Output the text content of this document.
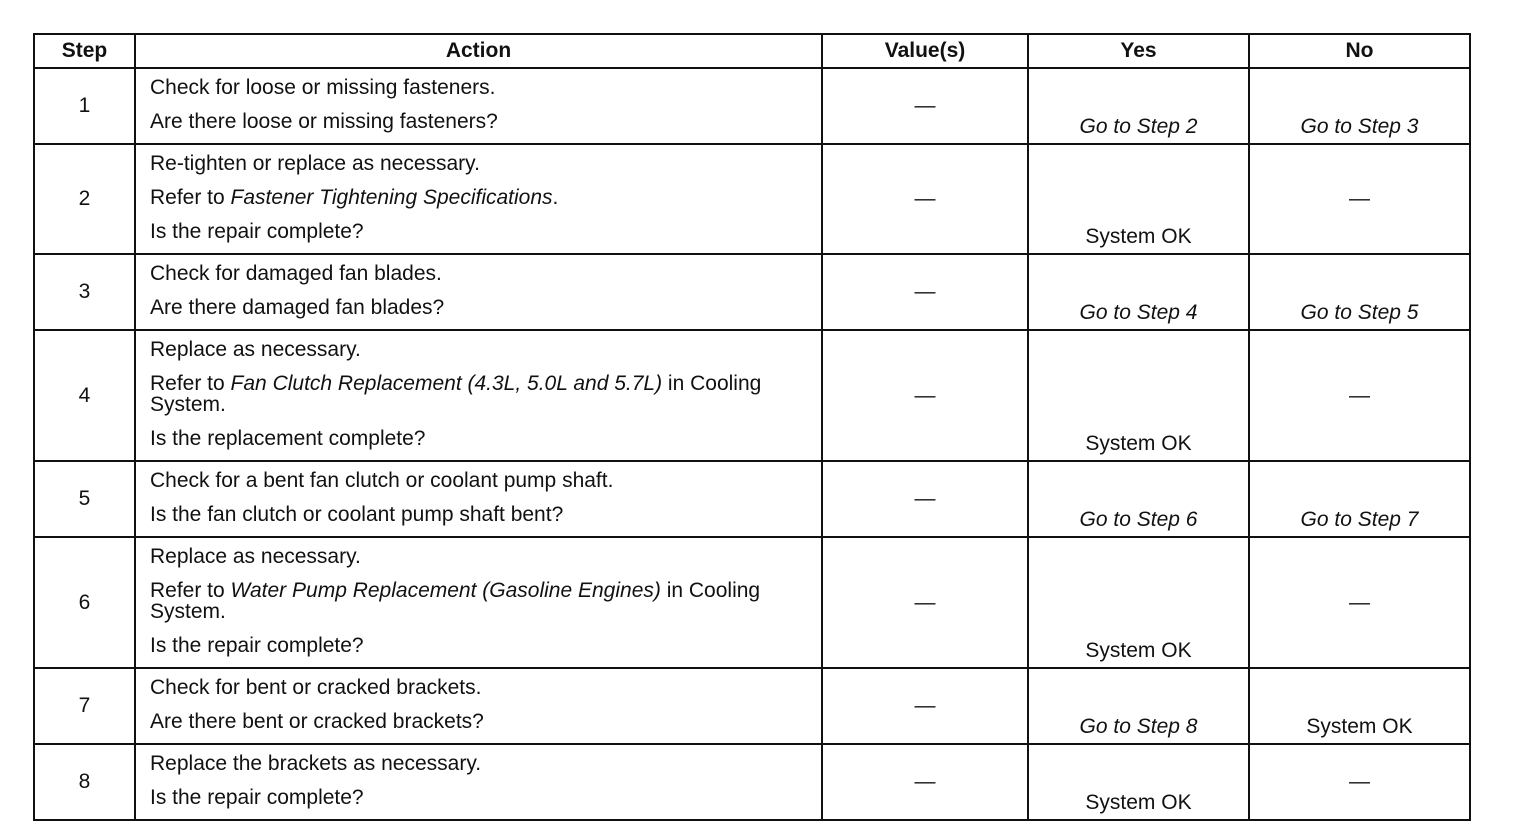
Step	Action	Value(s)	Yes	No
1	Check for loose or missing fasteners.
Are there loose or missing fasteners?	—	Go to Step 2	Go to Step 3
2	Re-tighten or replace as necessary.
Refer to Fastener Tightening Specifications.
Is the repair complete?	—	System OK	—
3	Check for damaged fan blades.
Are there damaged fan blades?	—	Go to Step 4	Go to Step 5
4	Replace as necessary.
Refer to Fan Clutch Replacement (4.3L, 5.0L and 5.7L) in Cooling System.
Is the replacement complete?	—	System OK	—
5	Check for a bent fan clutch or coolant pump shaft.
Is the fan clutch or coolant pump shaft bent?	—	Go to Step 6	Go to Step 7
6	Replace as necessary.
Refer to Water Pump Replacement (Gasoline Engines) in Cooling System.
Is the repair complete?	—	System OK	—
7	Check for bent or cracked brackets.
Are there bent or cracked brackets?	—	Go to Step 8	System OK
8	Replace the brackets as necessary.
Is the repair complete?	—	System OK	—
